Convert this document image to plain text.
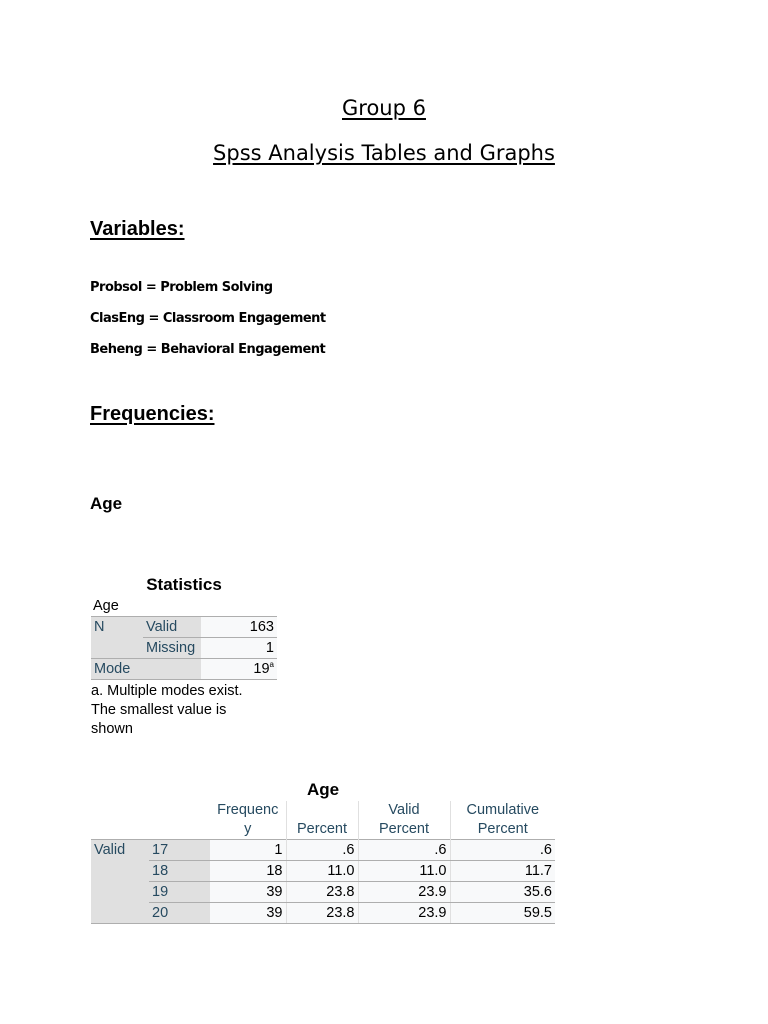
Group 6
Spss Analysis Tables and Graphs
Variables:
Probsol = Problem Solving
ClasEng = Classroom Engagement
Beheng = Behavioral Engagement
Frequencies:
Age
Statistics
Age
N	Valid	163
	Missing	1
Mode		19$^a$
a. Multiple modes exist. The smallest value is shown
Age
		Frequency	Percent	Valid Percent	Cumulative Percent
Valid	17	1	.6	.6	.6
	18	18	11.0	11.0	11.7
	19	39	23.8	23.9	35.6
	20	39	23.8	23.9	59.5
